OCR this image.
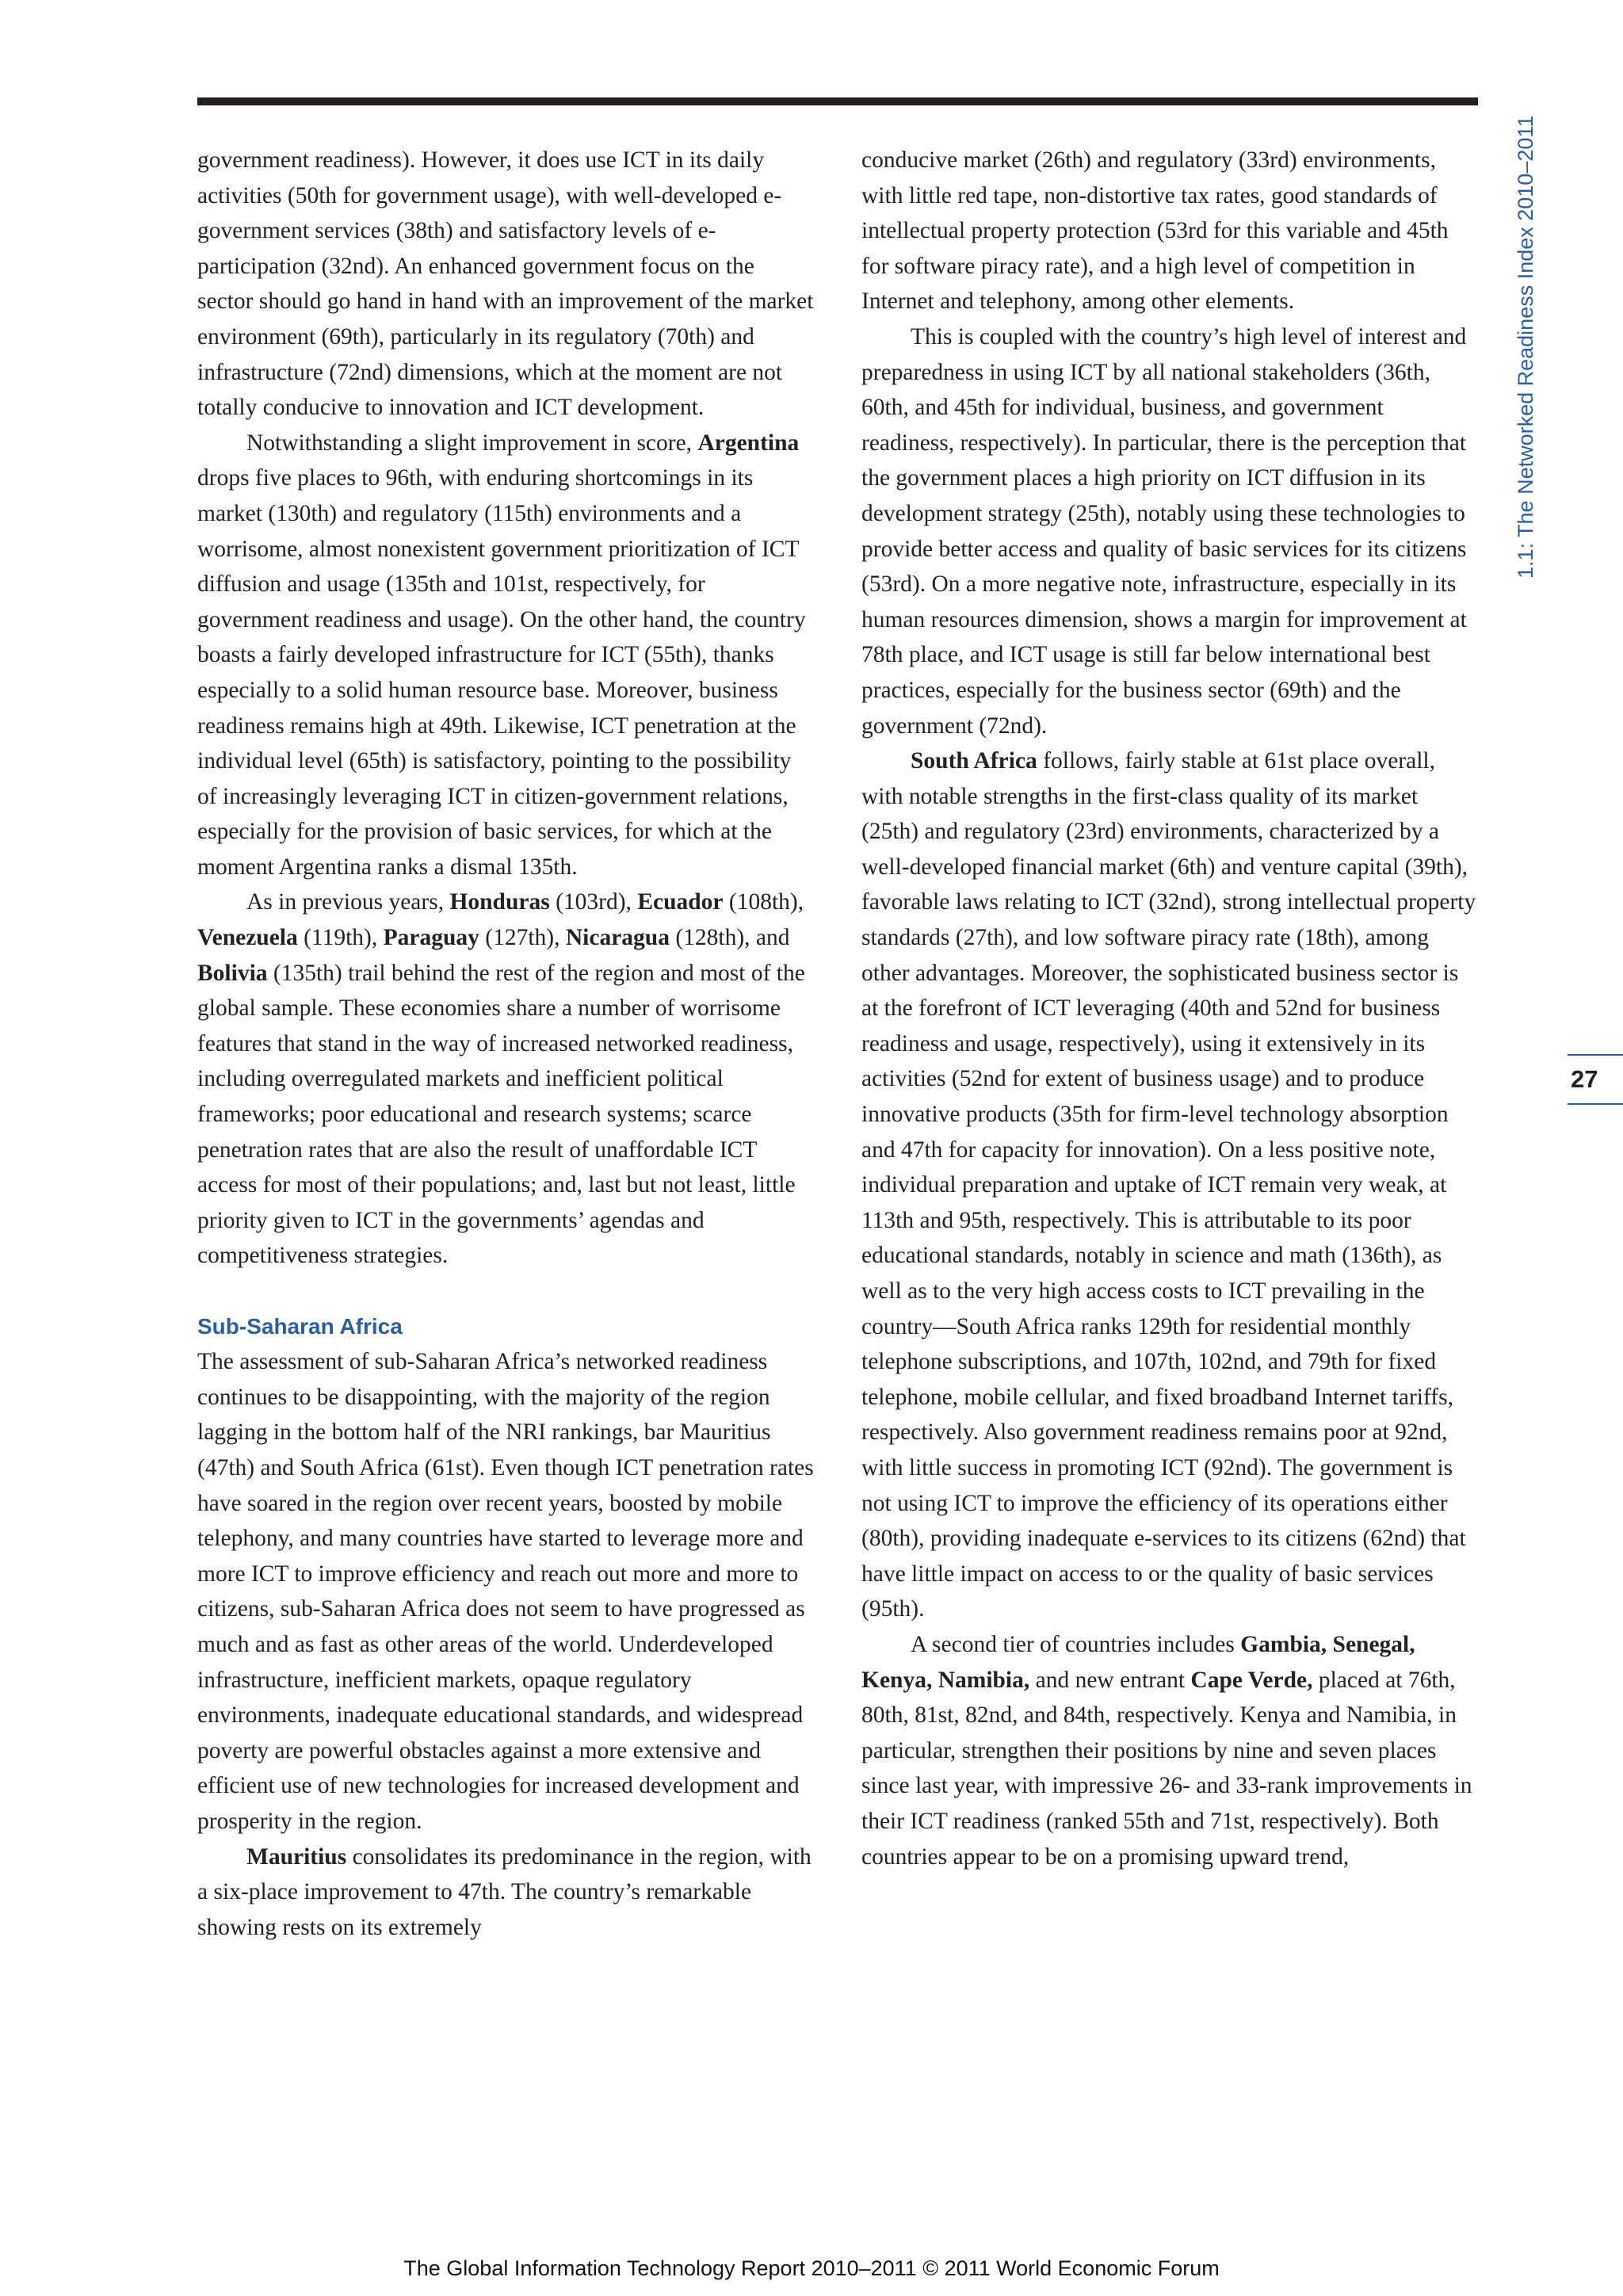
government readiness). However, it does use ICT in its daily activities (50th for government usage), with well-developed e-government services (38th) and satisfactory levels of e-participation (32nd). An enhanced government focus on the sector should go hand in hand with an improvement of the market environment (69th), particularly in its regulatory (70th) and infrastructure (72nd) dimensions, which at the moment are not totally conducive to innovation and ICT development.

Notwithstanding a slight improvement in score, Argentina drops five places to 96th, with enduring shortcomings in its market (130th) and regulatory (115th) environments and a worrisome, almost nonexistent government prioritization of ICT diffusion and usage (135th and 101st, respectively, for government readiness and usage). On the other hand, the country boasts a fairly developed infrastructure for ICT (55th), thanks especially to a solid human resource base. Moreover, business readiness remains high at 49th. Likewise, ICT penetration at the individual level (65th) is satisfactory, pointing to the possibility of increasingly leveraging ICT in citizen-government relations, especially for the provision of basic services, for which at the moment Argentina ranks a dismal 135th.

As in previous years, Honduras (103rd), Ecuador (108th), Venezuela (119th), Paraguay (127th), Nicaragua (128th), and Bolivia (135th) trail behind the rest of the region and most of the global sample. These economies share a number of worrisome features that stand in the way of increased networked readiness, including overregulated markets and inefficient political frameworks; poor educational and research systems; scarce penetration rates that are also the result of unaffordable ICT access for most of their populations; and, last but not least, little priority given to ICT in the governments’ agendas and competitiveness strategies.

Sub-Saharan Africa

The assessment of sub-Saharan Africa’s networked readiness continues to be disappointing, with the majority of the region lagging in the bottom half of the NRI rankings, bar Mauritius (47th) and South Africa (61st). Even though ICT penetration rates have soared in the region over recent years, boosted by mobile telephony, and many countries have started to leverage more and more ICT to improve efficiency and reach out more and more to citizens, sub-Saharan Africa does not seem to have progressed as much and as fast as other areas of the world. Underdeveloped infrastructure, inefficient markets, opaque regulatory environments, inadequate educational standards, and widespread poverty are powerful obstacles against a more extensive and efficient use of new technologies for increased development and prosperity in the region.

Mauritius consolidates its predominance in the region, with a six-place improvement to 47th. The country’s remarkable showing rests on its extremely

conducive market (26th) and regulatory (33rd) environments, with little red tape, non-distortive tax rates, good standards of intellectual property protection (53rd for this variable and 45th for software piracy rate), and a high level of competition in Internet and telephony, among other elements.

This is coupled with the country’s high level of interest and preparedness in using ICT by all national stakeholders (36th, 60th, and 45th for individual, business, and government readiness, respectively). In particular, there is the perception that the government places a high priority on ICT diffusion in its development strategy (25th), notably using these technologies to provide better access and quality of basic services for its citizens (53rd). On a more negative note, infrastructure, especially in its human resources dimension, shows a margin for improvement at 78th place, and ICT usage is still far below international best practices, especially for the business sector (69th) and the government (72nd).

South Africa follows, fairly stable at 61st place overall, with notable strengths in the first-class quality of its market (25th) and regulatory (23rd) environments, characterized by a well-developed financial market (6th) and venture capital (39th), favorable laws relating to ICT (32nd), strong intellectual property standards (27th), and low software piracy rate (18th), among other advantages. Moreover, the sophisticated business sector is at the forefront of ICT leveraging (40th and 52nd for business readiness and usage, respectively), using it extensively in its activities (52nd for extent of business usage) and to produce innovative products (35th for firm-level technology absorption and 47th for capacity for innovation). On a less positive note, individual preparation and uptake of ICT remain very weak, at 113th and 95th, respectively. This is attributable to its poor educational standards, notably in science and math (136th), as well as to the very high access costs to ICT prevailing in the country—South Africa ranks 129th for residential monthly telephone subscriptions, and 107th, 102nd, and 79th for fixed telephone, mobile cellular, and fixed broadband Internet tariffs, respectively. Also government readiness remains poor at 92nd, with little success in promoting ICT (92nd). The government is not using ICT to improve the efficiency of its operations either (80th), providing inadequate e-services to its citizens (62nd) that have little impact on access to or the quality of basic services (95th).

A second tier of countries includes Gambia, Senegal, Kenya, Namibia, and new entrant Cape Verde, placed at 76th, 80th, 81st, 82nd, and 84th, respectively. Kenya and Namibia, in particular, strengthen their positions by nine and seven places since last year, with impressive 26- and 33-rank improvements in their ICT readiness (ranked 55th and 71st, respectively). Both countries appear to be on a promising upward trend,

1.1: The Networked Readiness Index 2010–2011
27
The Global Information Technology Report 2010–2011 © 2011 World Economic Forum
